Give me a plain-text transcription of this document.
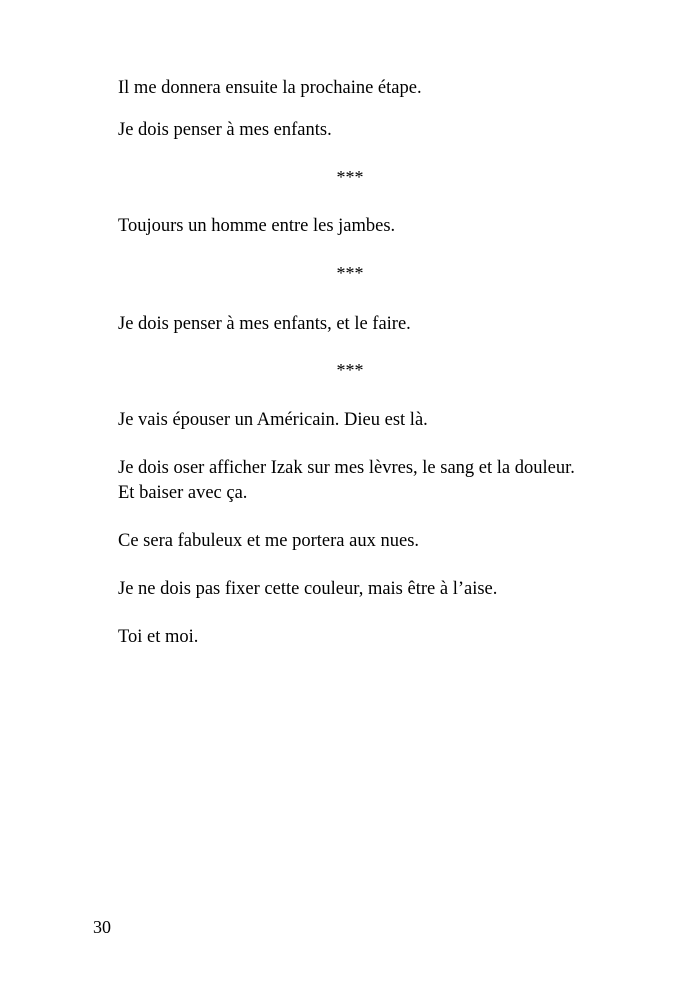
Il me donnera ensuite la prochaine étape.

Je dois penser à mes enfants.

***

Toujours un homme entre les jambes.

***

Je dois penser à mes enfants, et le faire.

***

Je vais épouser un Américain. Dieu est là.

Je dois oser afficher Izak sur mes lèvres, le sang et la douleur.

Et baiser avec ça.

Ce sera fabuleux et me portera aux nues.

Je ne dois pas fixer cette couleur, mais être à l’aise.

Toi et moi.

30
